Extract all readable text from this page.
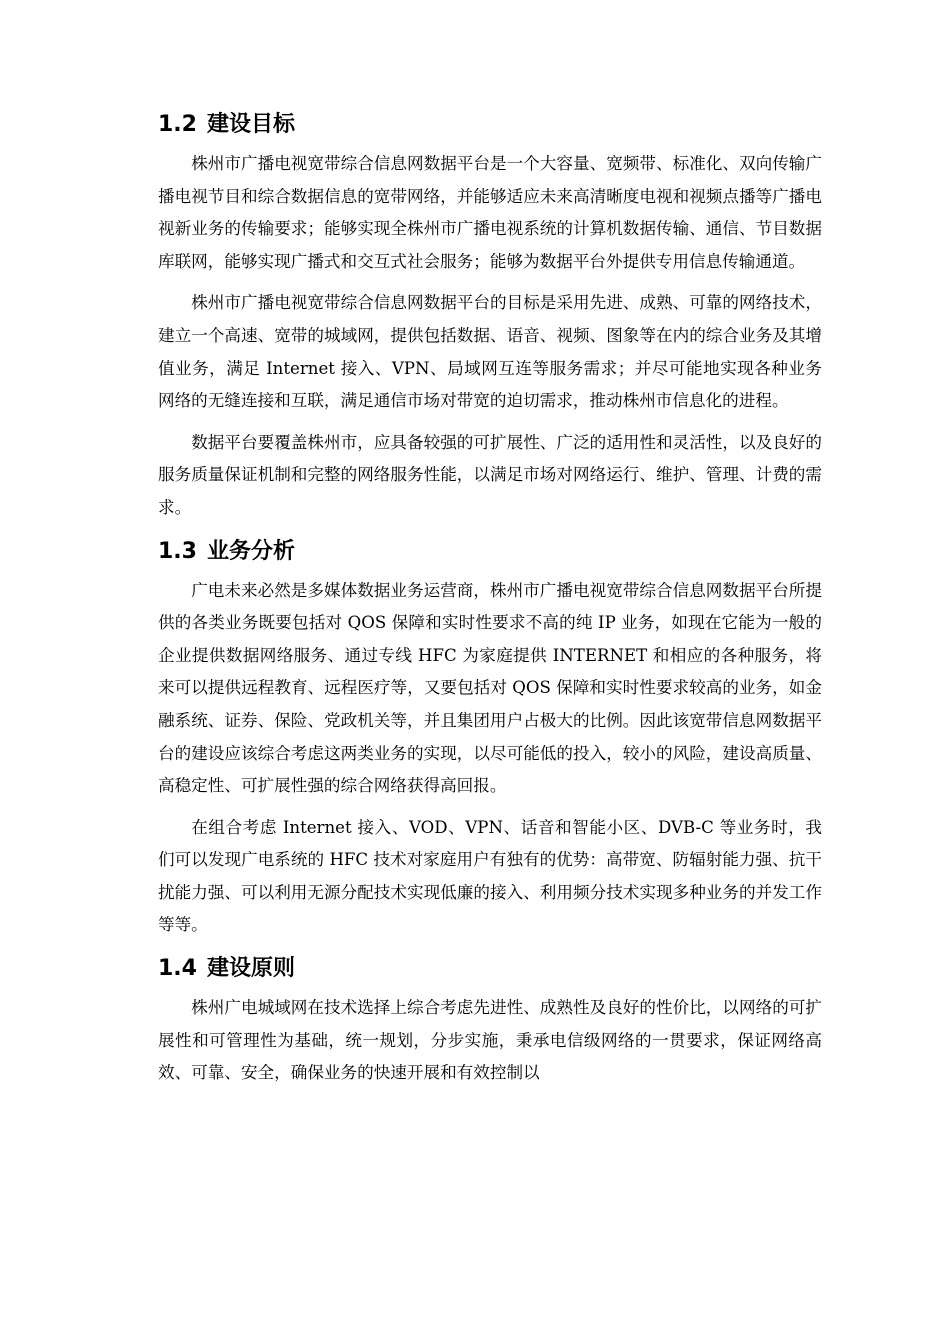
1.2 建设目标

株州市广播电视宽带综合信息网数据平台是一个大容量、宽频带、标准化、双向传输广播电视节目和综合数据信息的宽带网络，并能够适应未来高清晰度电视和视频点播等广播电视新业务的传输要求；能够实现全株州市广播电视系统的计算机数据传输、通信、节目数据库联网，能够实现广播式和交互式社会服务；能够为数据平台外提供专用信息传输通道。

株州市广播电视宽带综合信息网数据平台的目标是采用先进、成熟、可靠的网络技术，建立一个高速、宽带的城域网，提供包括数据、语音、视频、图象等在内的综合业务及其增值业务，满足 Internet 接入、VPN、局域网互连等服务需求；并尽可能地实现各种业务网络的无缝连接和互联，满足通信市场对带宽的迫切需求，推动株州市信息化的进程。

数据平台要覆盖株州市，应具备较强的可扩展性、广泛的适用性和灵活性，以及良好的服务质量保证机制和完整的网络服务性能，以满足市场对网络运行、维护、管理、计费的需求。

1.3 业务分析

广电未来必然是多媒体数据业务运营商，株州市广播电视宽带综合信息网数据平台所提供的各类业务既要包括对 QOS 保障和实时性要求不高的纯 IP 业务，如现在它能为一般的企业提供数据网络服务、通过专线 HFC 为家庭提供 INTERNET 和相应的各种服务，将来可以提供远程教育、远程医疗等，又要包括对 QOS 保障和实时性要求较高的业务，如金融系统、证券、保险、党政机关等，并且集团用户占极大的比例。因此该宽带信息网数据平台的建设应该综合考虑这两类业务的实现，以尽可能低的投入，较小的风险，建设高质量、高稳定性、可扩展性强的综合网络获得高回报。

在组合考虑 Internet 接入、VOD、VPN、话音和智能小区、DVB-C 等业务时，我们可以发现广电系统的 HFC 技术对家庭用户有独有的优势：高带宽、防辐射能力强、抗干扰能力强、可以利用无源分配技术实现低廉的接入、利用频分技术实现多种业务的并发工作等等。

1.4 建设原则

株州广电城域网在技术选择上综合考虑先进性、成熟性及良好的性价比，以网络的可扩展性和可管理性为基础，统一规划，分步实施，秉承电信级网络的一贯要求，保证网络高效、可靠、安全，确保业务的快速开展和有效控制以
